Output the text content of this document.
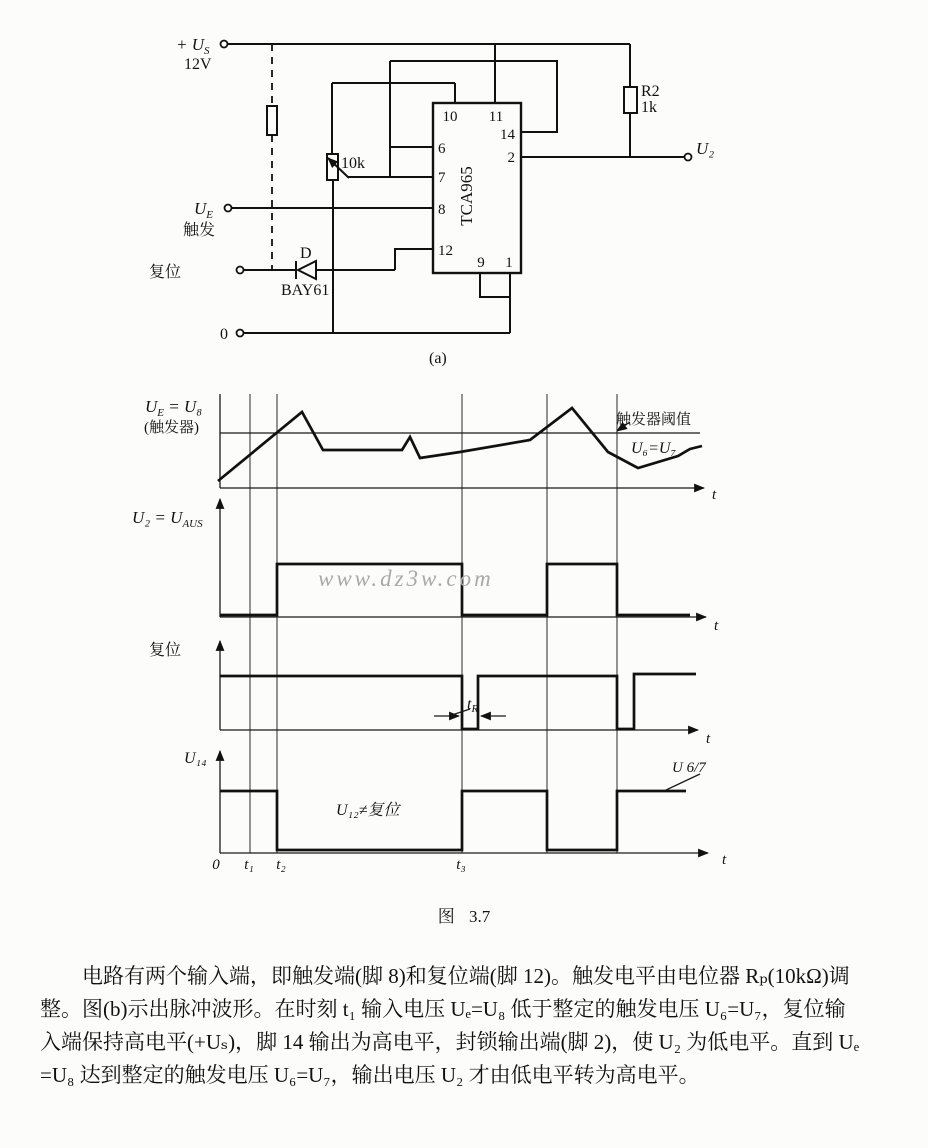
+ $U_S$
12V
10k
R2
1k
U₂
$U_E$
触发
复位
D
BAY61
0
(a)
10 11
14
2
6
7
8
12
9 1
TCA965
tR
$U_E = U_8$
(触发器)	触发器阈值
U₆=U₇
$U_2 = U_{AUS}$
复位
U₁₄
U₁₂≠复位
U 6/7
t
t
t
t
0 t₁ t₂	t₃
www.dz3w.com
图 3.7
电路有两个输入端，即触发端(脚 8)和复位端(脚 12)。触发电平由电位器 Rₚ(10kΩ)调
整。图(b)示出脉冲波形。在时刻 t₁ 输入电压 Uₑ=U₈ 低于整定的触发电压 U₆=U₇，复位输
入端保持高电平(+Uₛ)，脚 14 输出为高电平，封锁输出端(脚 2)，使 U₂ 为低电平。直到 Uₑ
=U₈ 达到整定的触发电压 U₆=U₇，输出电压 U₂ 才由低电平转为高电平。
